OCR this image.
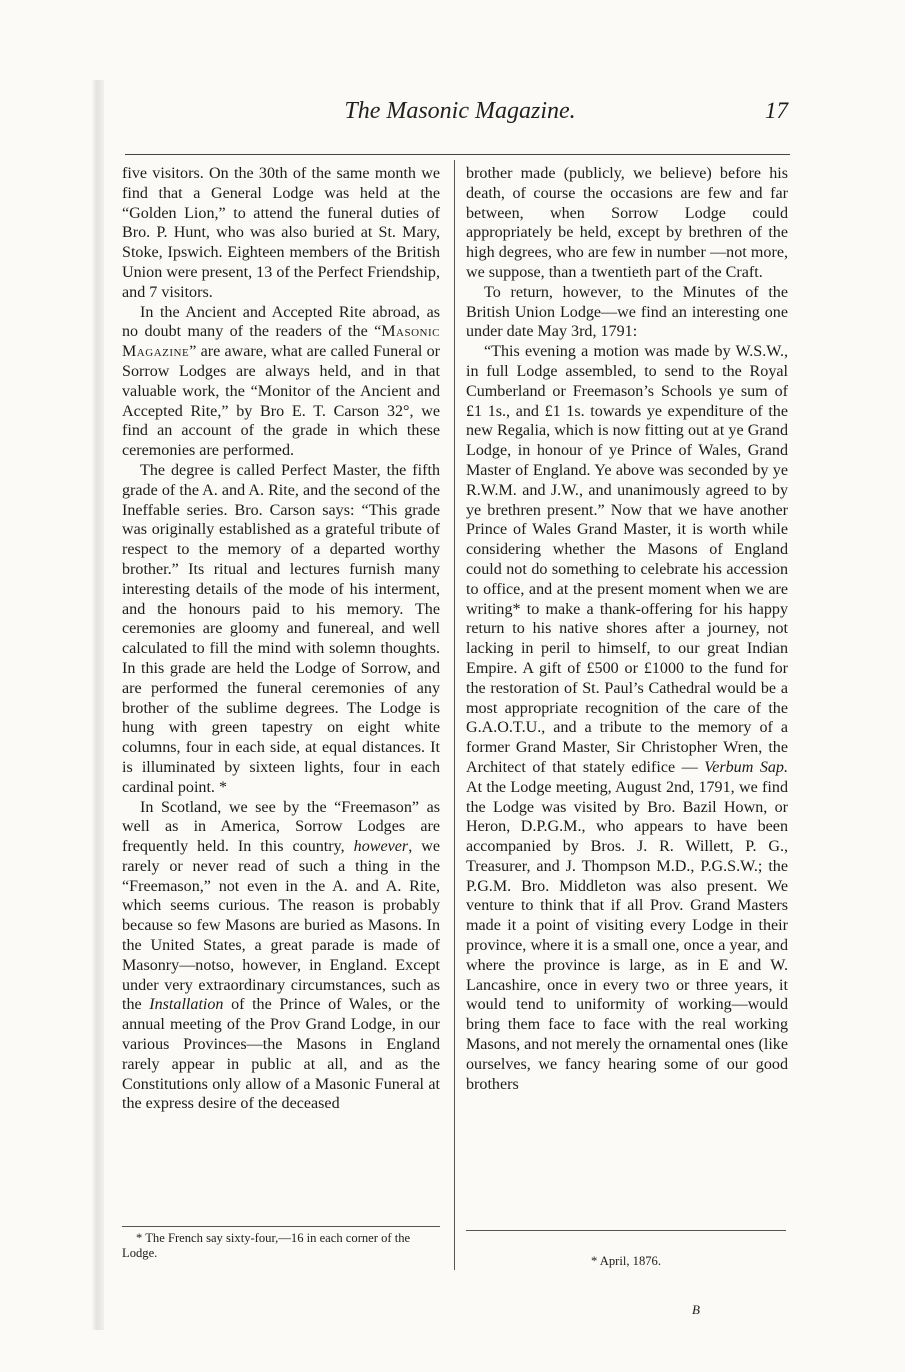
The Masonic Magazine.	17

five visitors. On the 30th of the same month we find that a General Lodge was held at the “Golden Lion,” to attend the funeral duties of Bro. P. Hunt, who was also buried at St. Mary, Stoke, Ipswich. Eighteen members of the British Union were present, 13 of the Perfect Friendship, and 7 visitors.

In the Ancient and Accepted Rite abroad, as no doubt many of the readers of the “Masonic Magazine” are aware, what are called Funeral or Sorrow Lodges are always held, and in that valuable work, the “Monitor of the Ancient and Accepted Rite,” by Bro E. T. Carson 32°, we find an account of the grade in which these ceremonies are performed.

The degree is called Perfect Master, the fifth grade of the A. and A. Rite, and the second of the Ineffable series. Bro. Carson says: “This grade was originally established as a grateful tribute of respect to the memory of a departed worthy brother.” Its ritual and lectures furnish many interesting details of the mode of his interment, and the honours paid to his memory. The ceremonies are gloomy and funereal, and well calculated to fill the mind with solemn thoughts. In this grade are held the Lodge of Sorrow, and are performed the funeral ceremonies of any brother of the sublime degrees. The Lodge is hung with green tapestry on eight white columns, four in each side, at equal distances. It is illuminated by sixteen lights, four in each cardinal point. *

In Scotland, we see by the “Freemason” as well as in America, Sorrow Lodges are frequently held. In this country, however, we rarely or never read of such a thing in the “Freemason,” not even in the A. and A. Rite, which seems curious. The reason is probably because so few Masons are buried as Masons. In the United States, a great parade is made of Masonry—notso, however, in England. Except under very extraordinary circumstances, such as the Installation of the Prince of Wales, or the annual meeting of the Prov Grand Lodge, in our various Provinces—the Masons in England rarely appear in public at all, and as the Constitutions only allow of a Masonic Funeral at the express desire of the deceased

brother made (publicly, we believe) before his death, of course the occasions are few and far between, when Sorrow Lodge could appropriately be held, except by brethren of the high degrees, who are few in number —not more, we suppose, than a twentieth part of the Craft.

To return, however, to the Minutes of the British Union Lodge—we find an interesting one under date May 3rd, 1791:

“This evening a motion was made by W.S.W., in full Lodge assembled, to send to the Royal Cumberland or Freemason’s Schools ye sum of £1 1s., and £1 1s. towards ye expenditure of the new Regalia, which is now fitting out at ye Grand Lodge, in honour of ye Prince of Wales, Grand Master of England. Ye above was seconded by ye R.W.M. and J.W., and unanimously agreed to by ye brethren present.” Now that we have another Prince of Wales Grand Master, it is worth while considering whether the Masons of England could not do something to celebrate his accession to office, and at the present moment when we are writing* to make a thank-offering for his happy return to his native shores after a journey, not lacking in peril to himself, to our great Indian Empire. A gift of £500 or £1000 to the fund for the restoration of St. Paul’s Cathedral would be a most appropriate recognition of the care of the G.A.O.T.U., and a tribute to the memory of a former Grand Master, Sir Christopher Wren, the Architect of that stately edifice — Verbum Sap. At the Lodge meeting, August 2nd, 1791, we find the Lodge was visited by Bro. Bazil Hown, or Heron, D.P.G.M., who appears to have been accompanied by Bros. J. R. Willett, P. G., Treasurer, and J. Thompson M.D., P.G.S.W.; the P.G.M. Bro. Middleton was also present. We venture to think that if all Prov. Grand Masters made it a point of visiting every Lodge in their province, where it is a small one, once a year, and where the province is large, as in E and W. Lancashire, once in every two or three years, it would tend to uniformity of working—would bring them face to face with the real working Masons, and not merely the ornamental ones (like ourselves, we fancy hearing some of our good brothers

* The French say sixty-four,—16 in each corner of the Lodge.

* April, 1876.
B
